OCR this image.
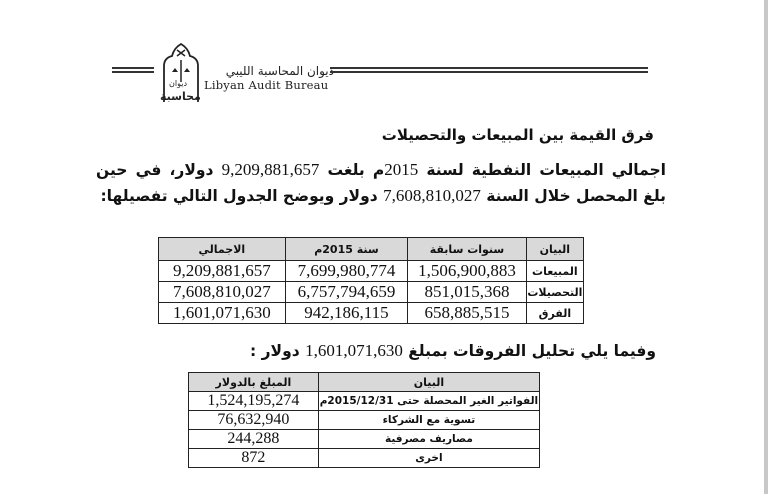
ديوان
محاسبة
ديوان المحاسبة الليبي
Libyan Audit Bureau
فرق القيمة بين المبيعات والتحصيلات
اجمالي المبيعات النفطية لسنة 2015م بلغت 9,209,881,657 دولار، في حين بلغ المحصل خلال السنة 7,608,810,027 دولار ويوضح الجدول التالي تفصيلها:
البيان	سنوات سابقة	سنة 2015م	الاجمالي
المبيعات	1,506,900,883	7,699,980,774	9,209,881,657
التحصيلات	851,015,368	6,757,794,659	7,608,810,027
الفرق	658,885,515	942,186,115	1,601,071,630
وفيما يلي تحليل الفروقات بمبلغ 1,601,071,630 دولار :
البيان	المبلغ بالدولار
الفواتير الغير المحصلة حتى 2015/12/31م	1,524,195,274
تسوية مع الشركاء	76,632,940
مصاريف مصرفية	244,288
اخرى	872
